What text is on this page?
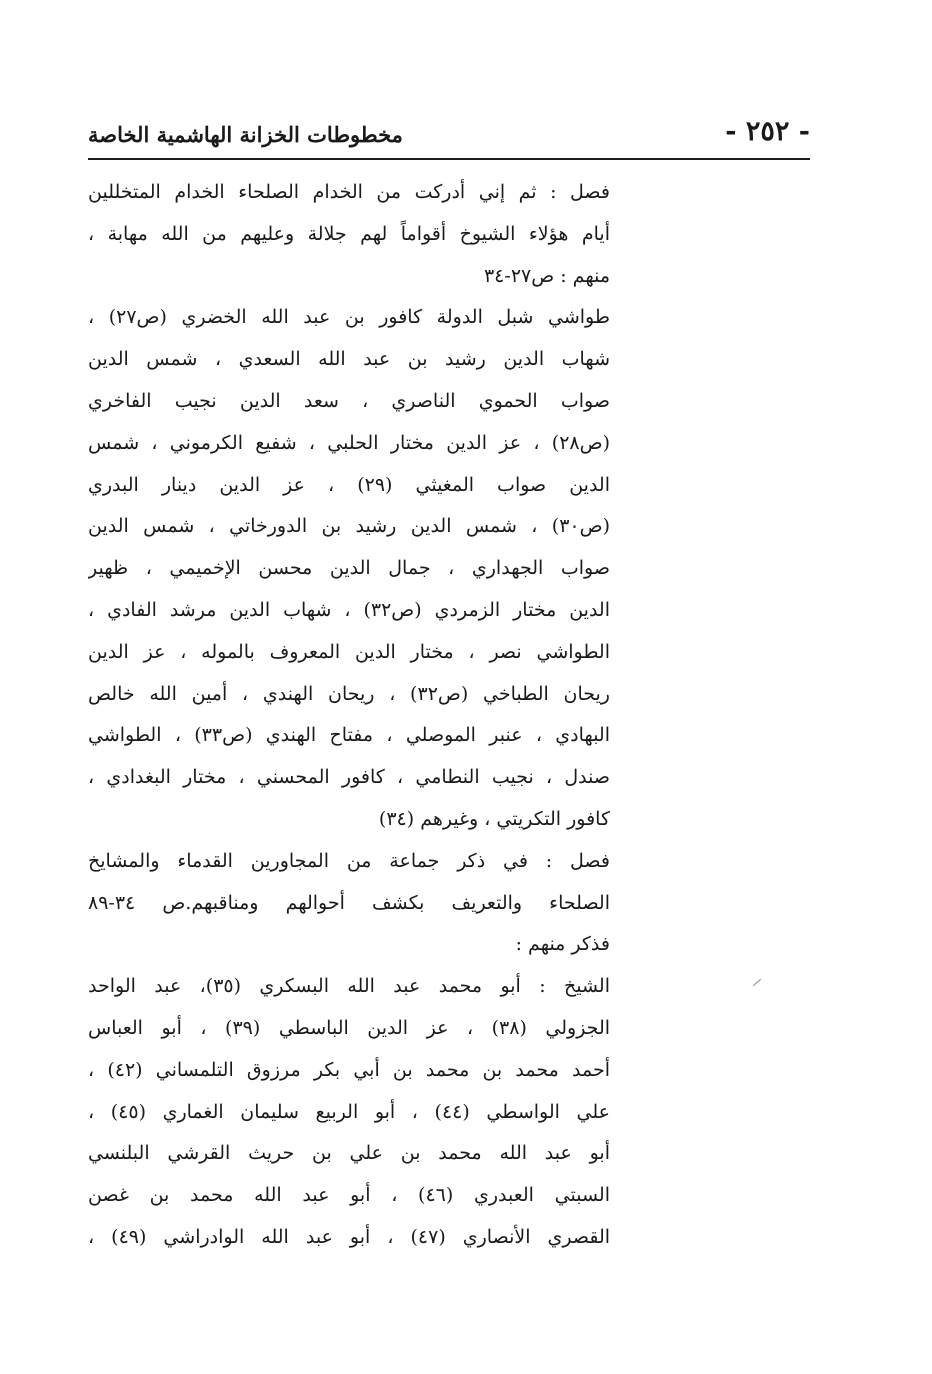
- ٢٥٢ -
مخطوطات الخزانة الهاشمية الخاصة
فصل : ثم إني أدركت من الخدام الصلحاء الخدام المتخللين
أيام هؤلاء الشيوخ أقواماً لهم جلالة وعليهم من الله مهابة ،
منهم : ص٢٧-٣٤
طواشي شبل الدولة كافور بن عبد الله الخضري (ص٢٧) ،
شهاب الدين رشيد بن عبد الله السعدي ، شمس الدين
صواب الحموي الناصري ، سعد الدين نجيب الفاخري
(ص٢٨) ، عز الدين مختار الحلبي ، شفيع الكرموني ، شمس
الدين صواب المغيثي (٢٩) ، عز الدين دينار البدري
(ص٣٠) ، شمس الدين رشيد بن الدورخاتي ، شمس الدين
صواب الجهداري ، جمال الدين محسن الإخميمي ، ظهير
الدين مختار الزمردي (ص٣٢) ، شهاب الدين مرشد الفادي ،
الطواشي نصر ، مختار الدين المعروف بالموله ، عز الدين
ريحان الطباخي (ص٣٢) ، ريحان الهندي ، أمين الله خالص
البهادي ، عنبر الموصلي ، مفتاح الهندي (ص٣٣) ، الطواشي
صندل ، نجيب النطامي ، كافور المحسني ، مختار البغدادي ،
كافور التكريتي ، وغيرهم (٣٤)
فصل : في ذكر جماعة من المجاورين القدماء والمشايخ
الصلحاء والتعريف بكشف أحوالهم ومناقبهم.ص ٣٤-٨٩
فذكر منهم :
الشيخ : أبو محمد عبد الله البسكري (٣٥)، عبد الواحد
الجزولي (٣٨) ، عز الدين الباسطي (٣٩) ، أبو العباس
أحمد محمد بن محمد بن أبي بكر مرزوق التلمساني (٤٢) ،
علي الواسطي (٤٤) ، أبو الربيع سليمان الغماري (٤٥) ،
أبو عبد الله محمد بن علي بن حريث القرشي البلنسي
السبتي العبدري (٤٦) ، أبو عبد الله محمد بن غصن
القصري الأنصاري (٤٧) ، أبو عبد الله الوادراشي (٤٩) ،
